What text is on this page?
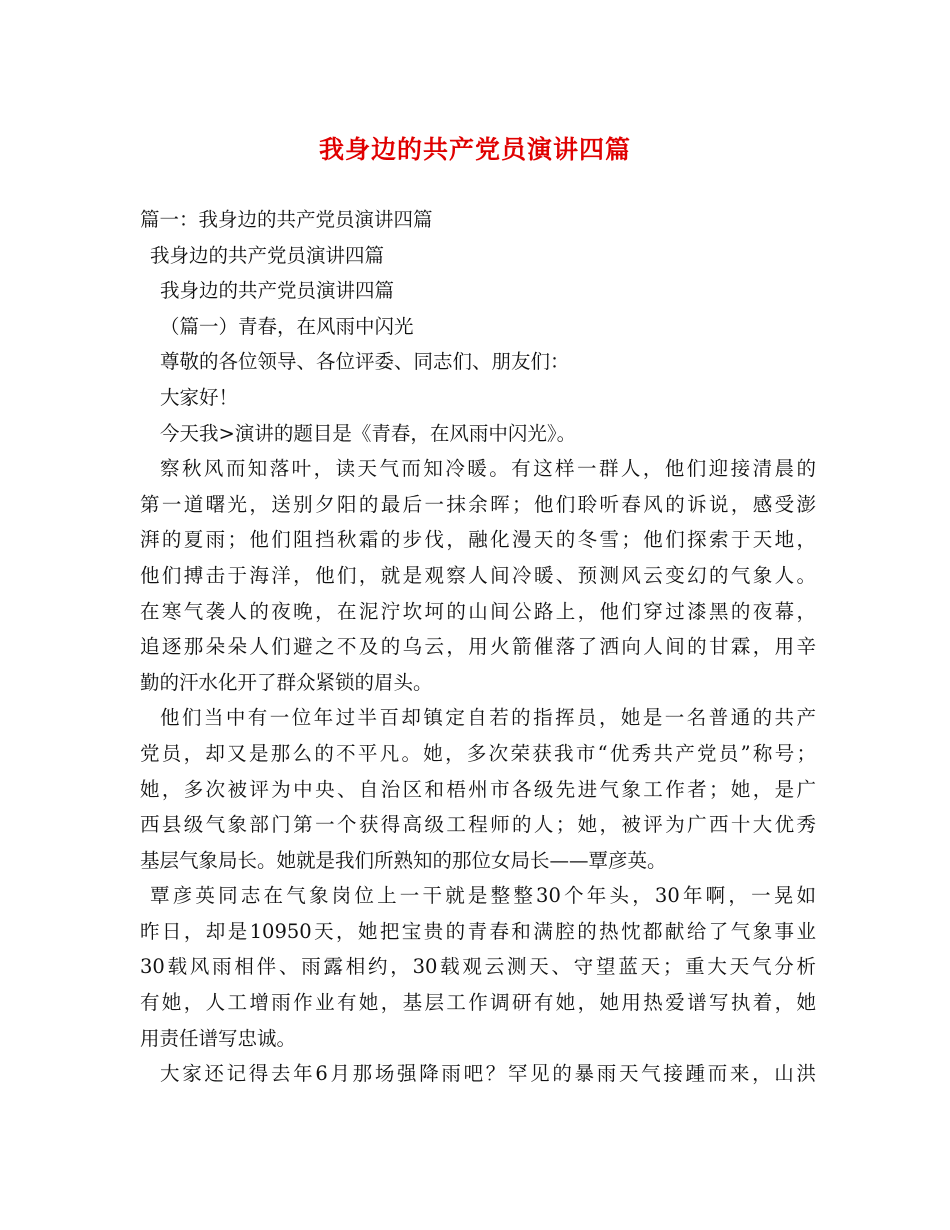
我身边的共产党员演讲四篇
篇一：我身边的共产党员演讲四篇
我身边的共产党员演讲四篇
我身边的共产党员演讲四篇
（篇一）青春，在风雨中闪光
尊敬的各位领导、各位评委、同志们、朋友们：
大家好！
今天我>演讲的题目是《青春，在风雨中闪光》。
察秋风而知落叶，读天气而知冷暖。有这样一群人，他们迎接清晨的
第一道曙光，送别夕阳的最后一抹余晖；他们聆听春风的诉说，感受澎
湃的夏雨；他们阻挡秋霜的步伐，融化漫天的冬雪；他们探索于天地，
他们搏击于海洋，他们，就是观察人间冷暖、预测风云变幻的气象人。
在寒气袭人的夜晚，在泥泞坎坷的山间公路上，他们穿过漆黑的夜幕，
追逐那朵朵人们避之不及的乌云，用火箭催落了洒向人间的甘霖，用辛
勤的汗水化开了群众紧锁的眉头。
他们当中有一位年过半百却镇定自若的指挥员，她是一名普通的共产
党员，却又是那么的不平凡。她，多次荣获我市“优秀共产党员”称号；
她，多次被评为中央、自治区和梧州市各级先进气象工作者；她，是广
西县级气象部门第一个获得高级工程师的人；她，被评为广西十大优秀
基层气象局长。她就是我们所熟知的那位女局长——覃彦英。
覃彦英同志在气象岗位上一干就是整整30个年头，30年啊，一晃如
昨日，却是10950天，她把宝贵的青春和满腔的热忱都献给了气象事业
30载风雨相伴、雨露相约，30载观云测天、守望蓝天；重大天气分析
有她，人工增雨作业有她，基层工作调研有她，她用热爱谱写执着，她
用责任谱写忠诚。
大家还记得去年6月那场强降雨吧？罕见的暴雨天气接踵而来，山洪
